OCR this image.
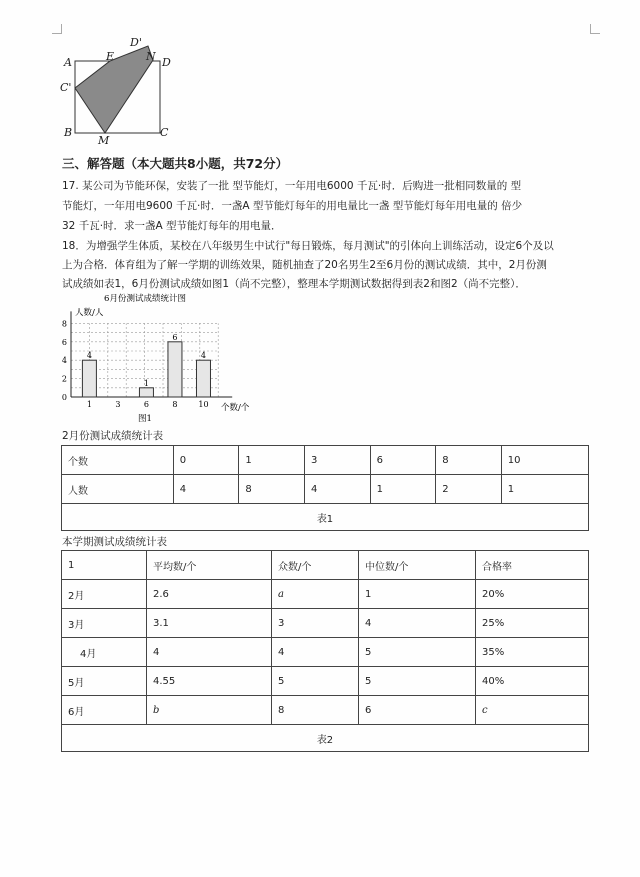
D'
E	N D
A
C'
B	C
M
三、解答题（本大题共8小题，共72分）
17. 某公司为节能环保，安装了一批 型节能灯，一年用电6000 千瓦·时．后购进一批相同数量的 型
节能灯，一年用电9600 千瓦·时．一盏A 型节能灯每年的用电量比一盏 型节能灯每年用电量的 倍少
32 千瓦·时．求一盏A 型节能灯每年的用电量．
18．为增强学生体质，某校在八年级男生中试行"每日锻炼，每月测试"的引体向上训练活动，设定6个及以
上为合格．体育组为了解一学期的训练效果，随机抽查了20名男生2至6月份的测试成绩．其中，2月份测
试成绩如表1，6月份测试成绩如图1（尚不完整），整理本学期测试数据得到表2和图2（尚不完整）．
6月份测试成绩统计图
人数/人
个数/个
图1
4
1
6
4
0
2
4
6
8
1	3	6	8	10
2月份测试成绩统计表
个数	0	1	3	6	8	10
人数	4	8	4	1	2	1
表1						
本学期测试成绩统计表
1	平均数/个	众数/个	中位数/个	合格率
2月	2.6	a	1	20%
3月	3.1	3	4	25%
4月	4	4	5	35%
5月	4.55	5	5	40%
6月	b	8	6	c
表2				
